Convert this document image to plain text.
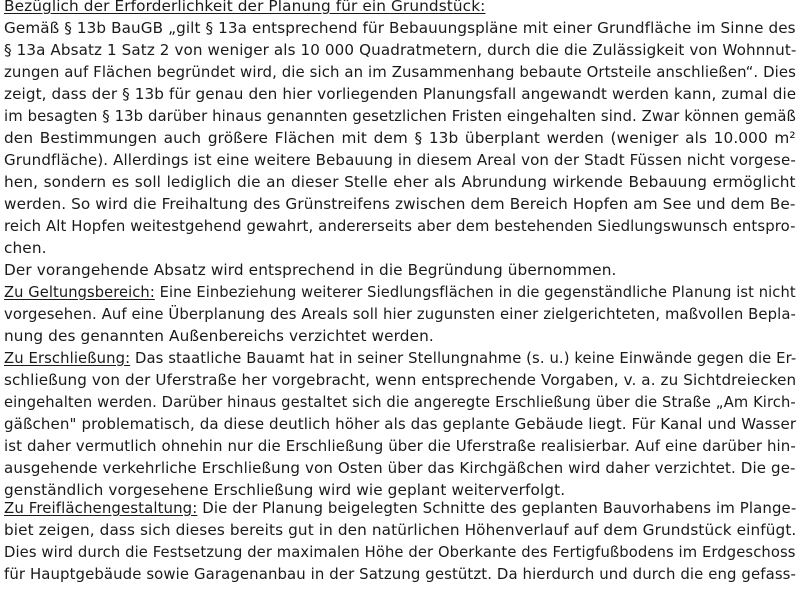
Bezüglich der Erforderlichkeit der Planung für ein Grundstück:
Gemäß § 13b BauGB „gilt § 13a entsprechend für Bebauungspläne mit einer Grundfläche im Sinne des
§ 13a Absatz 1 Satz 2 von weniger als 10 000 Quadratmetern, durch die die Zulässigkeit von Wohnnut-
zungen auf Flächen begründet wird, die sich an im Zusammenhang bebaute Ortsteile anschließen“. Dies
zeigt, dass der § 13b für genau den hier vorliegenden Planungsfall angewandt werden kann, zumal die
im besagten § 13b darüber hinaus genannten gesetzlichen Fristen eingehalten sind. Zwar können gemäß
den Bestimmungen auch größere Flächen mit dem § 13b überplant werden (weniger als 10.000 m²
Grundfläche). Allerdings ist eine weitere Bebauung in diesem Areal von der Stadt Füssen nicht vorgese-
hen, sondern es soll lediglich die an dieser Stelle eher als Abrundung wirkende Bebauung ermöglicht
werden. So wird die Freihaltung des Grünstreifens zwischen dem Bereich Hopfen am See und dem Be-
reich Alt Hopfen weitestgehend gewahrt, andererseits aber dem bestehenden Siedlungswunsch entspro-
chen.
Der vorangehende Absatz wird entsprechend in die Begründung übernommen.
Zu Geltungsbereich: Eine Einbeziehung weiterer Siedlungsflächen in die gegenständliche Planung ist nicht
vorgesehen. Auf eine Überplanung des Areals soll hier zugunsten einer zielgerichteten, maßvollen Bepla-
nung des genannten Außenbereichs verzichtet werden.
Zu Erschließung: Das staatliche Bauamt hat in seiner Stellungnahme (s. u.) keine Einwände gegen die Er-
schließung von der Uferstraße her vorgebracht, wenn entsprechende Vorgaben, v. a. zu Sichtdreiecken
eingehalten werden. Darüber hinaus gestaltet sich die angeregte Erschließung über die Straße „Am Kirch-
gäßchen" problematisch, da diese deutlich höher als das geplante Gebäude liegt. Für Kanal und Wasser
ist daher vermutlich ohnehin nur die Erschließung über die Uferstraße realisierbar. Auf eine darüber hin-
ausgehende verkehrliche Erschließung von Osten über das Kirchgäßchen wird daher verzichtet. Die ge-
genständlich vorgesehene Erschließung wird wie geplant weiterverfolgt.
Zu Freiflächengestaltung: Die der Planung beigelegten Schnitte des geplanten Bauvorhabens im Plange-
biet zeigen, dass sich dieses bereits gut in den natürlichen Höhenverlauf auf dem Grundstück einfügt.
Dies wird durch die Festsetzung der maximalen Höhe der Oberkante des Fertigfußbodens im Erdgeschoss
für Hauptgebäude sowie Garagenanbau in der Satzung gestützt. Da hierdurch und durch die eng gefass-
